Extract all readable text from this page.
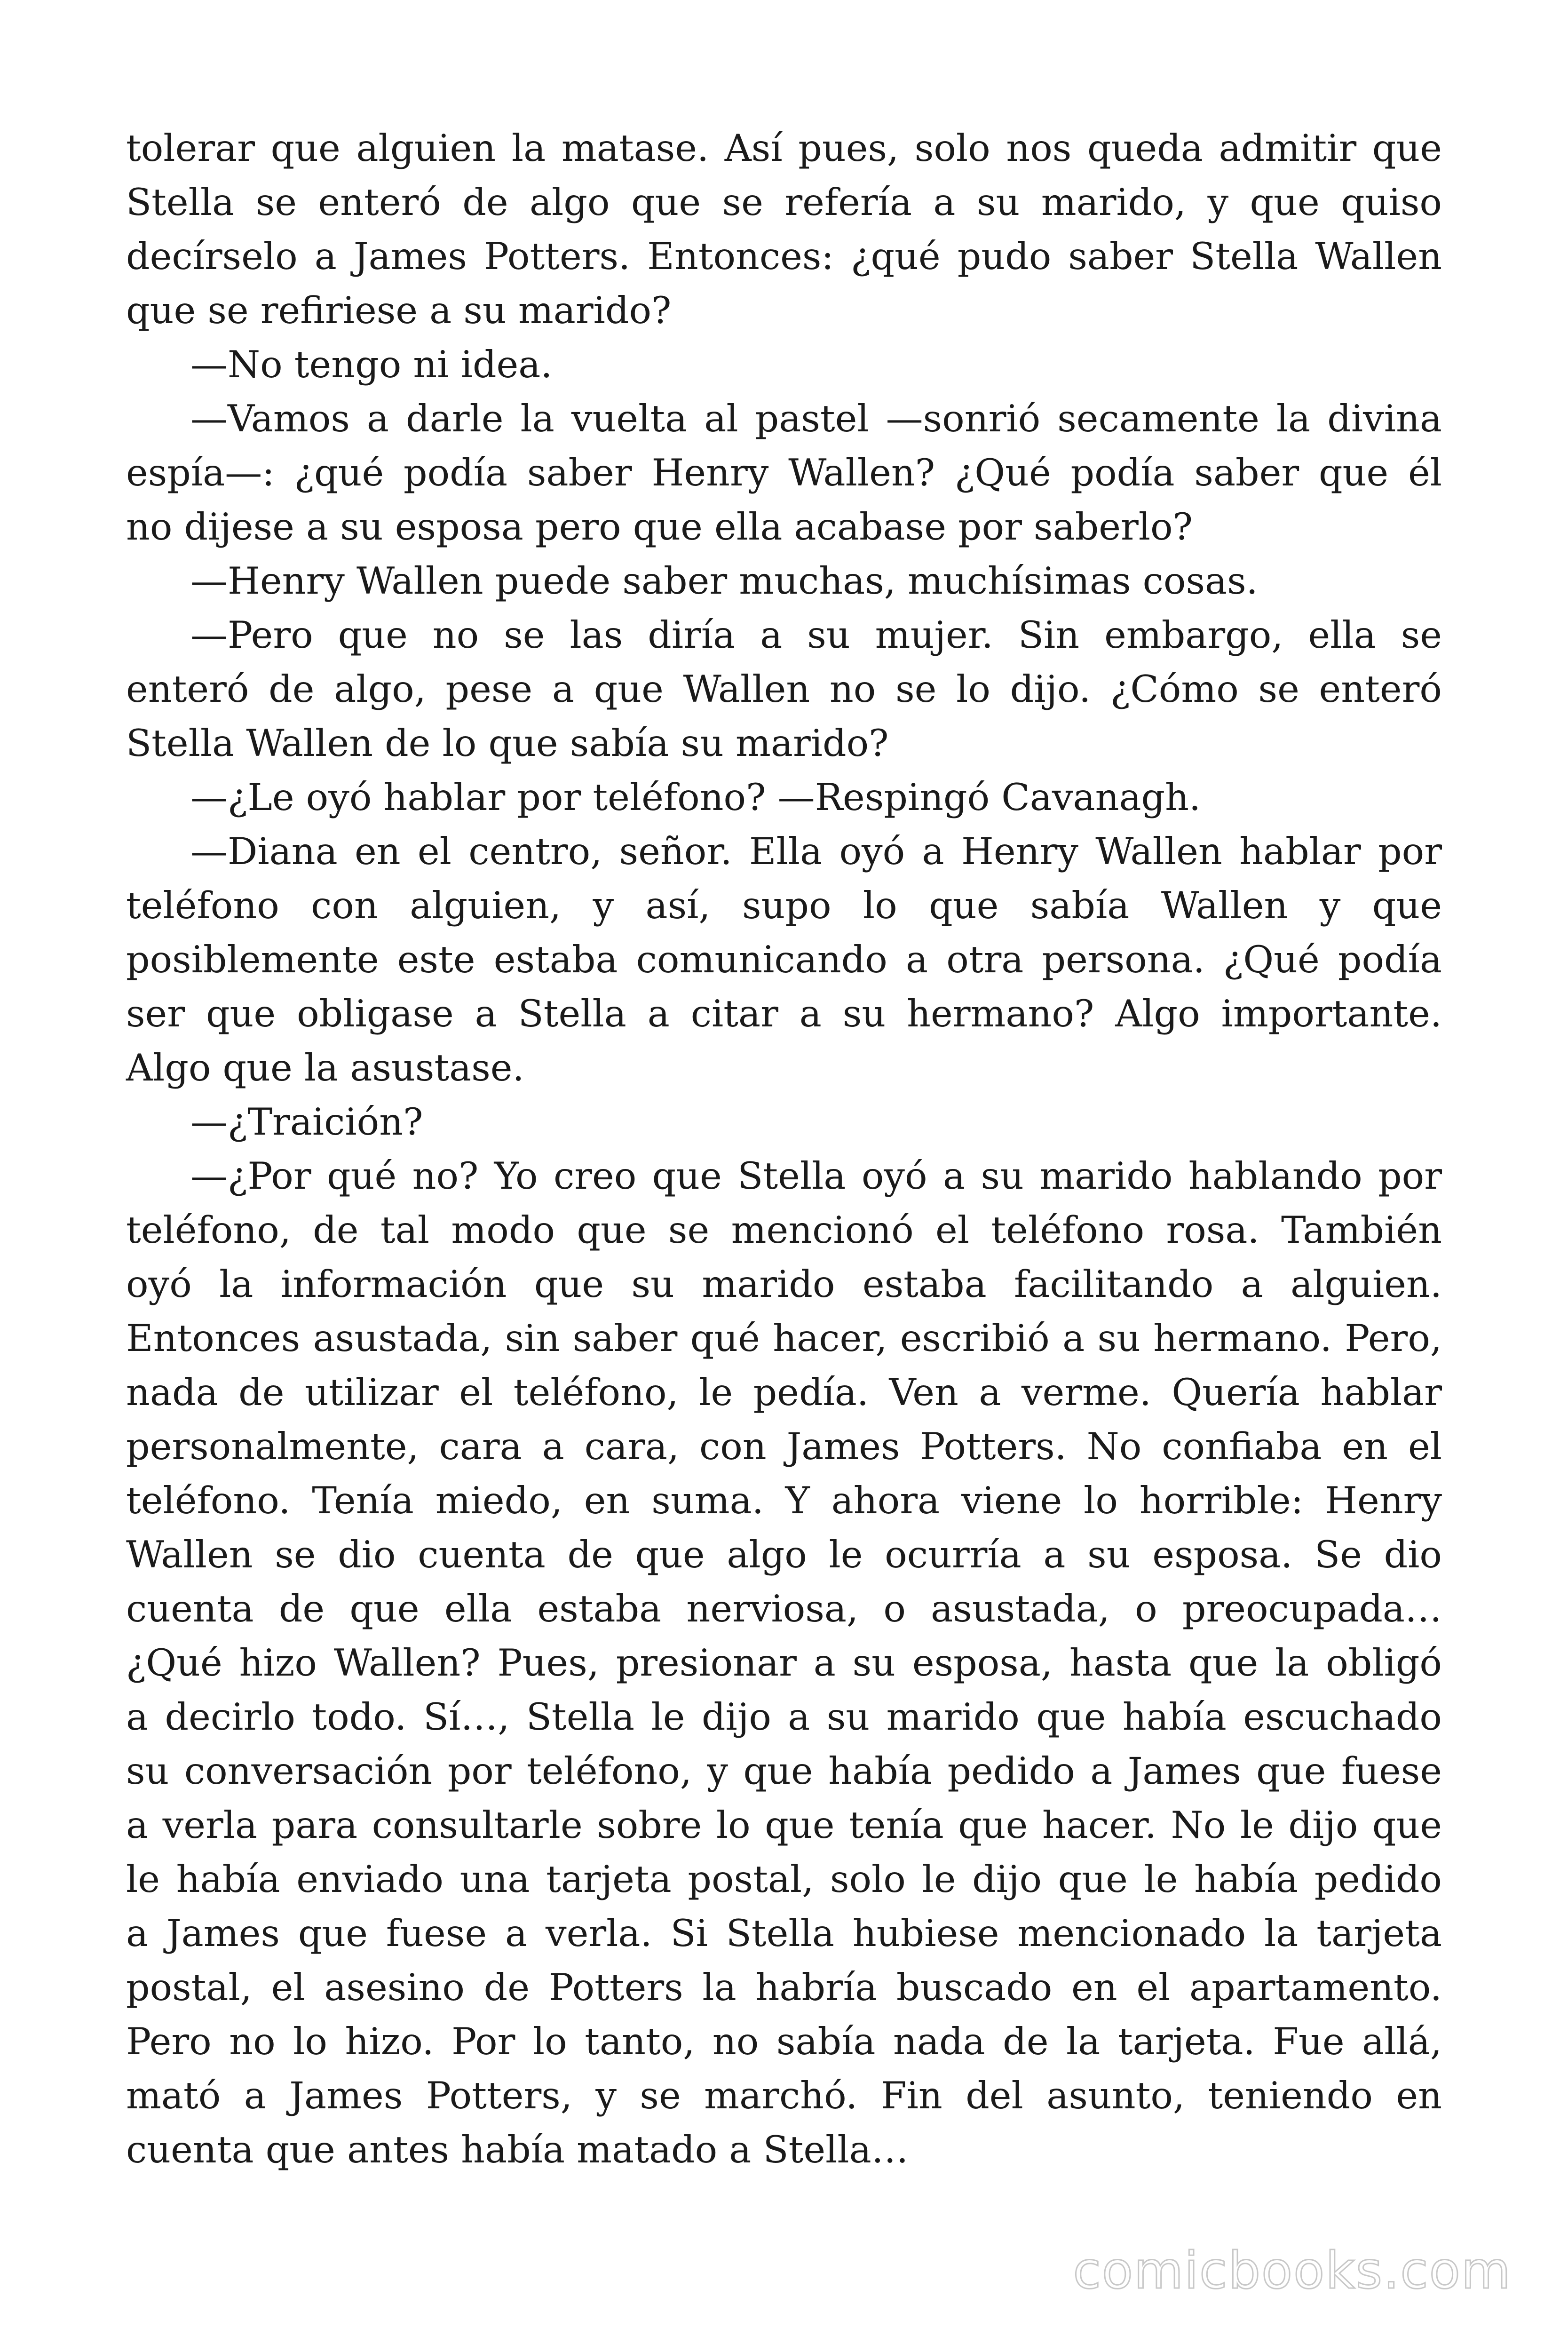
tolerar que alguien la matase. Así pues, solo nos queda admitir que
Stella se enteró de algo que se refería a su marido, y que quiso
decírselo a James Potters. Entonces: ¿qué pudo saber Stella Wallen
que se refiriese a su marido?
—No tengo ni idea.
—Vamos a darle la vuelta al pastel —sonrió secamente la divina
espía—: ¿qué podía saber Henry Wallen? ¿Qué podía saber que él
no dijese a su esposa pero que ella acabase por saberlo?
—Henry Wallen puede saber muchas, muchísimas cosas.
—Pero que no se las diría a su mujer. Sin embargo, ella se
enteró de algo, pese a que Wallen no se lo dijo. ¿Cómo se enteró
Stella Wallen de lo que sabía su marido?
—¿Le oyó hablar por teléfono? —Respingó Cavanagh.
—Diana en el centro, señor. Ella oyó a Henry Wallen hablar por
teléfono con alguien, y así, supo lo que sabía Wallen y que
posiblemente este estaba comunicando a otra persona. ¿Qué podía
ser que obligase a Stella a citar a su hermano? Algo importante.
Algo que la asustase.
—¿Traición?
—¿Por qué no? Yo creo que Stella oyó a su marido hablando por
teléfono, de tal modo que se mencionó el teléfono rosa. También
oyó la información que su marido estaba facilitando a alguien.
Entonces asustada, sin saber qué hacer, escribió a su hermano. Pero,
nada de utilizar el teléfono, le pedía. Ven a verme. Quería hablar
personalmente, cara a cara, con James Potters. No confiaba en el
teléfono. Tenía miedo, en suma. Y ahora viene lo horrible: Henry
Wallen se dio cuenta de que algo le ocurría a su esposa. Se dio
cuenta de que ella estaba nerviosa, o asustada, o preocupada…
¿Qué hizo Wallen? Pues, presionar a su esposa, hasta que la obligó
a decirlo todo. Sí…, Stella le dijo a su marido que había escuchado
su conversación por teléfono, y que había pedido a James que fuese
a verla para consultarle sobre lo que tenía que hacer. No le dijo que
le había enviado una tarjeta postal, solo le dijo que le había pedido
a James que fuese a verla. Si Stella hubiese mencionado la tarjeta
postal, el asesino de Potters la habría buscado en el apartamento.
Pero no lo hizo. Por lo tanto, no sabía nada de la tarjeta. Fue allá,
mató a James Potters, y se marchó. Fin del asunto, teniendo en
cuenta que antes había matado a Stella…
comicbooks.com
